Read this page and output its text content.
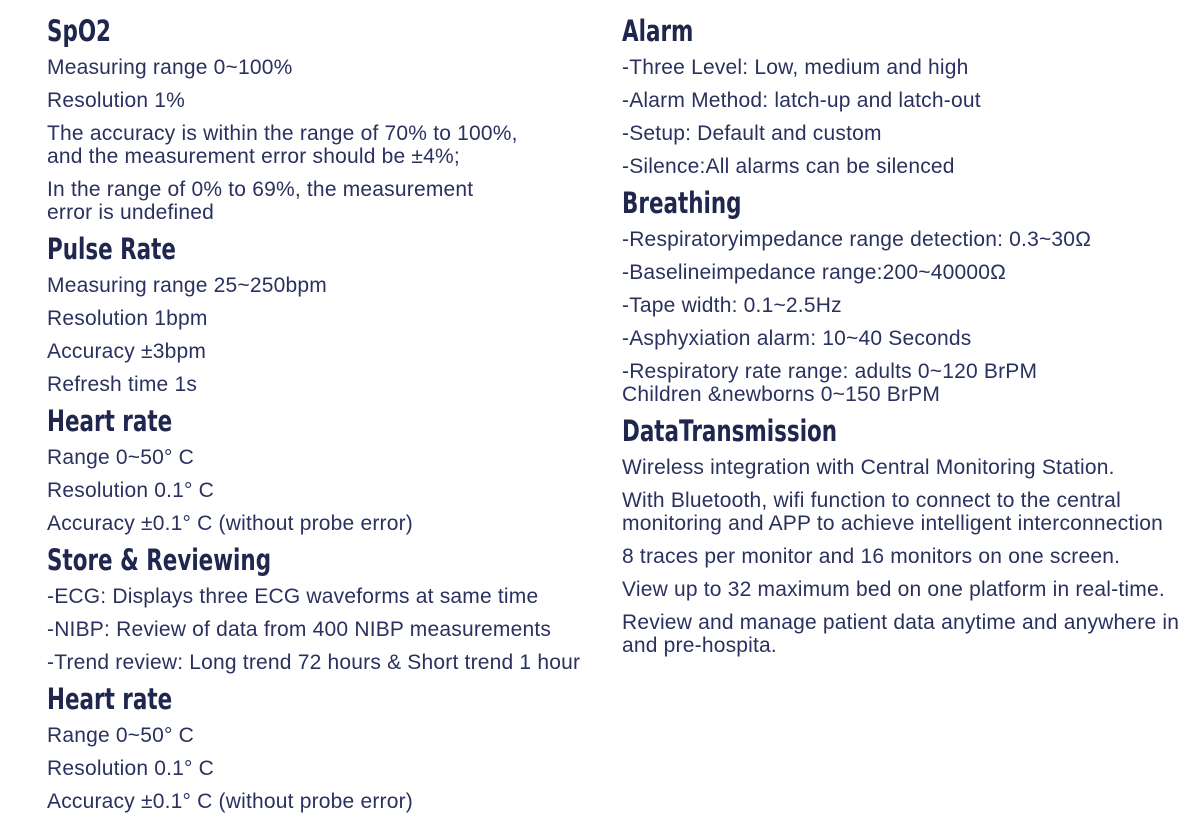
SpO2
Measuring range 0~100%
Resolution 1%
The accuracy is within the range of 70% to 100%,
and the measurement error should be ±4%;
In the range of 0% to 69%, the measurement
error is undefined
Pulse Rate
Measuring range 25~250bpm
Resolution 1bpm
Accuracy ±3bpm
Refresh time 1s
Heart rate
Range 0~50° C
Resolution 0.1° C
Accuracy ±0.1° C (without probe error)
Store & Reviewing
-ECG: Displays three ECG waveforms at same time
-NIBP: Review of data from 400 NIBP measurements
-Trend review: Long trend 72 hours & Short trend 1 hour
Heart rate
Range 0~50° C
Resolution 0.1° C
Accuracy ±0.1° C (without probe error)
Alarm
-Three Level: Low, medium and high
-Alarm Method: latch-up and latch-out
-Setup: Default and custom
-Silence:All alarms can be silenced
Breathing
-Respiratoryimpedance range detection: 0.3~30Ω
-Baselineimpedance range:200~40000Ω
-Tape width: 0.1~2.5Hz
-Asphyxiation alarm: 10~40 Seconds
-Respiratory rate range: adults 0~120 BrPM
Children &newborns 0~150 BrPM
DataTransmission
Wireless integration with Central Monitoring Station.
With Bluetooth, wifi function to connect to the central
monitoring and APP to achieve intelligent interconnection
8 traces per monitor and 16 monitors on one screen.
View up to 32 maximum bed on one platform in real-time.
Review and manage patient data anytime and anywhere in
and pre-hospita.
